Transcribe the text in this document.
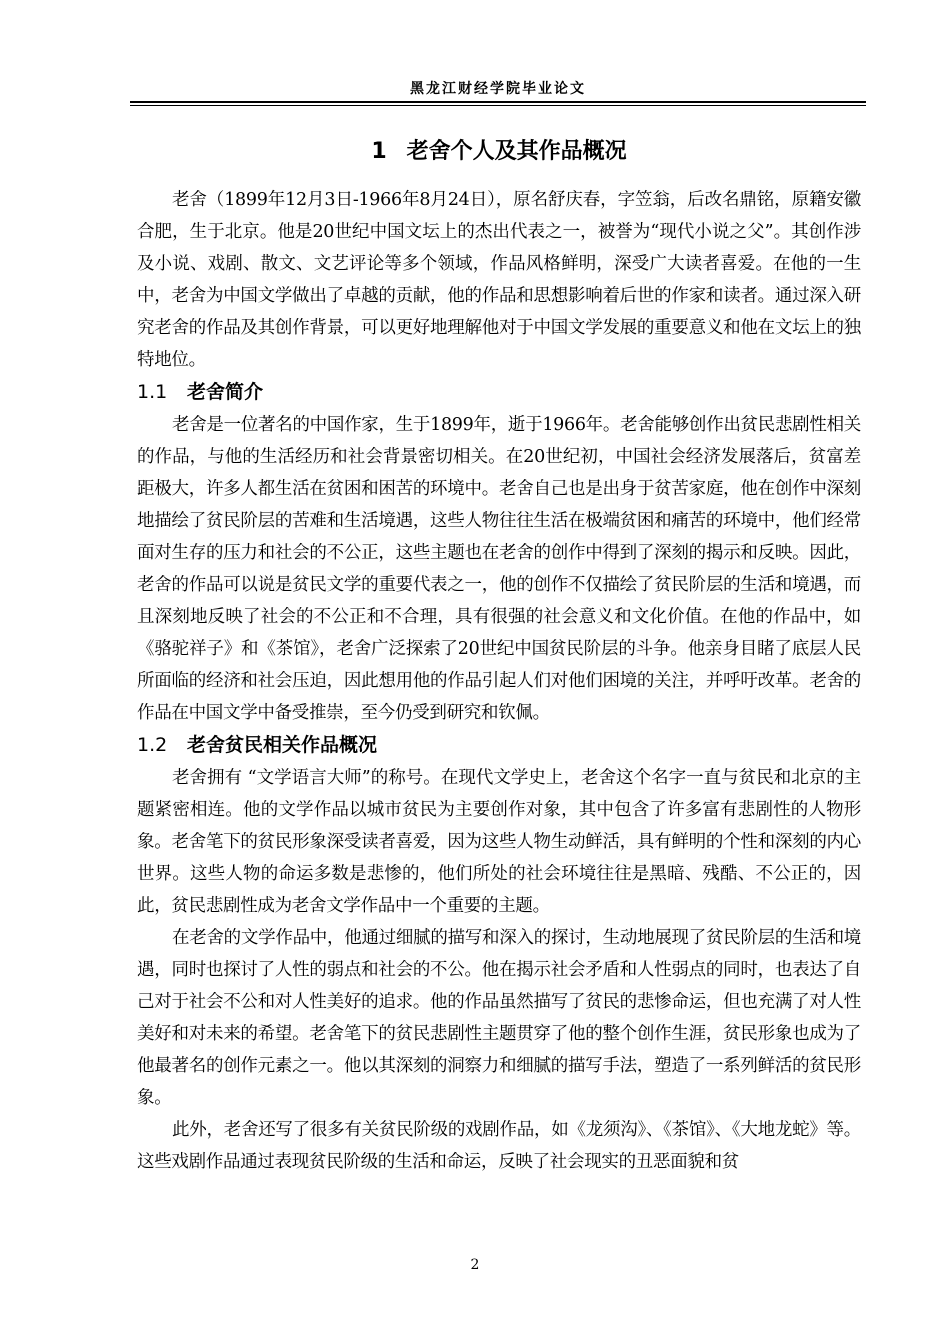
黑龙江财经学院毕业论文
1 老舍个人及其作品概况

老舍（1899年12月3日-1966年8月24日），原名舒庆春，字笠翁，后改名鼎铭，原籍安徽合肥，生于北京。他是20世纪中国文坛上的杰出代表之一，被誉为“现代小说之父”。其创作涉及小说、戏剧、散文、文艺评论等多个领域，作品风格鲜明，深受广大读者喜爱。在他的一生中，老舍为中国文学做出了卓越的贡献，他的作品和思想影响着后世的作家和读者。通过深入研究老舍的作品及其创作背景，可以更好地理解他对于中国文学发展的重要意义和他在文坛上的独特地位。

1.1 老舍简介

老舍是一位著名的中国作家，生于1899年，逝于1966年。老舍能够创作出贫民悲剧性相关的作品，与他的生活经历和社会背景密切相关。在20世纪初，中国社会经济发展落后，贫富差距极大，许多人都生活在贫困和困苦的环境中。老舍自己也是出身于贫苦家庭，他在创作中深刻地描绘了贫民阶层的苦难和生活境遇，这些人物往往生活在极端贫困和痛苦的环境中，他们经常面对生存的压力和社会的不公正，这些主题也在老舍的创作中得到了深刻的揭示和反映。因此，老舍的作品可以说是贫民文学的重要代表之一，他的创作不仅描绘了贫民阶层的生活和境遇，而且深刻地反映了社会的不公正和不合理，具有很强的社会意义和文化价值。在他的作品中，如《骆驼祥子》和《茶馆》，老舍广泛探索了20世纪中国贫民阶层的斗争。他亲身目睹了底层人民所面临的经济和社会压迫，因此想用他的作品引起人们对他们困境的关注，并呼吁改革。老舍的作品在中国文学中备受推崇，至今仍受到研究和钦佩。

1.2 老舍贫民相关作品概况

老舍拥有 “文学语言大师”的称号。在现代文学史上，老舍这个名字一直与贫民和北京的主题紧密相连。他的文学作品以城市贫民为主要创作对象，其中包含了许多富有悲剧性的人物形象。老舍笔下的贫民形象深受读者喜爱，因为这些人物生动鲜活，具有鲜明的个性和深刻的内心世界。这些人物的命运多数是悲惨的，他们所处的社会环境往往是黑暗、残酷、不公正的，因此，贫民悲剧性成为老舍文学作品中一个重要的主题。

在老舍的文学作品中，他通过细腻的描写和深入的探讨，生动地展现了贫民阶层的生活和境遇，同时也探讨了人性的弱点和社会的不公。他在揭示社会矛盾和人性弱点的同时，也表达了自己对于社会不公和对人性美好的追求。他的作品虽然描写了贫民的悲惨命运，但也充满了对人性美好和对未来的希望。老舍笔下的贫民悲剧性主题贯穿了他的整个创作生涯，贫民形象也成为了他最著名的创作元素之一。他以其深刻的洞察力和细腻的描写手法，塑造了一系列鲜活的贫民形象。

此外，老舍还写了很多有关贫民阶级的戏剧作品，如《龙须沟》、《茶馆》、《大地龙蛇》等。这些戏剧作品通过表现贫民阶级的生活和命运，反映了社会现实的丑恶面貌和贫

2
